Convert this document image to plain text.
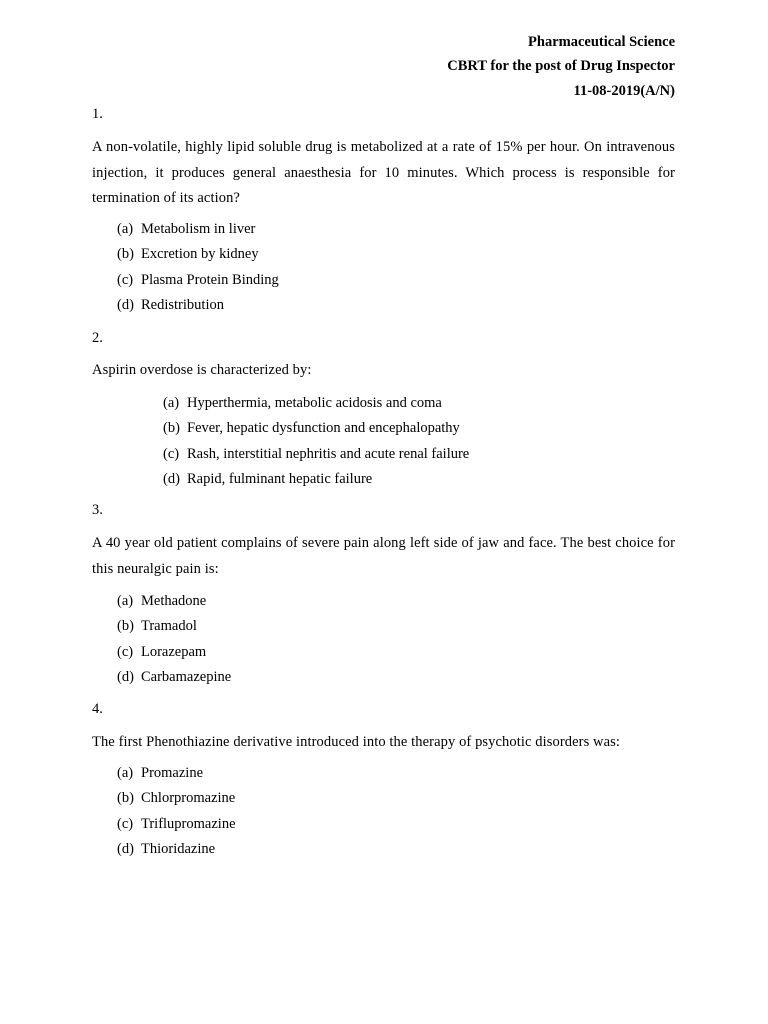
Pharmaceutical Science
CBRT for the post of Drug Inspector
11-08-2019(A/N)
1.
A non-volatile, highly lipid soluble drug is metabolized at a rate of 15% per hour. On intravenous injection, it produces general anaesthesia for 10 minutes. Which process is responsible for termination of its action?
(a) Metabolism in liver
(b) Excretion by kidney
(c) Plasma Protein Binding
(d) Redistribution
2.
Aspirin overdose is characterized by:
(a) Hyperthermia, metabolic acidosis and coma
(b) Fever, hepatic dysfunction and encephalopathy
(c) Rash, interstitial nephritis and acute renal failure
(d) Rapid, fulminant hepatic failure
3.
A 40 year old patient complains of severe pain along left side of jaw and face. The best choice for this neuralgic pain is:
(a) Methadone
(b) Tramadol
(c) Lorazepam
(d) Carbamazepine
4.
The first Phenothiazine derivative introduced into the therapy of psychotic disorders was:
(a) Promazine
(b) Chlorpromazine
(c) Triflupromazine
(d) Thioridazine
